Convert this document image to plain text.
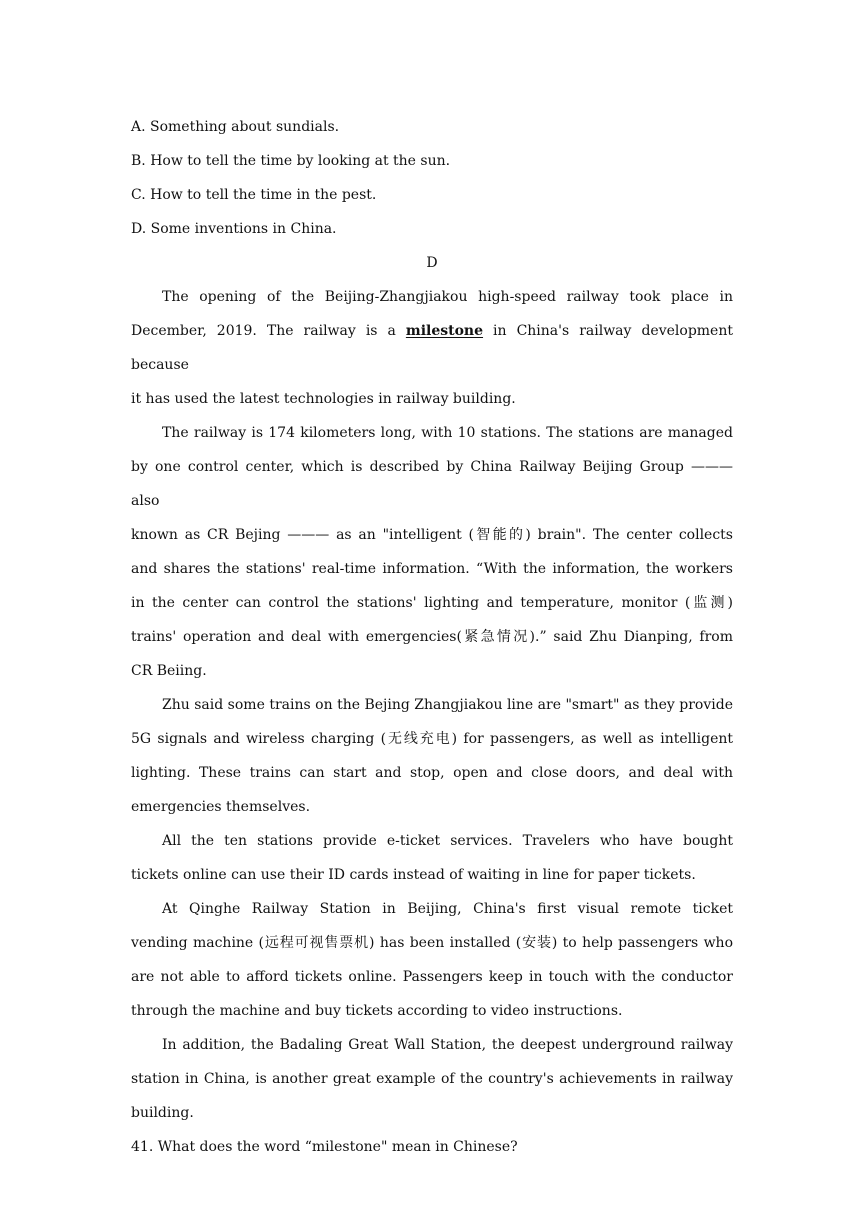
A. Something about sundials.
B. How to tell the time by looking at the sun.
C. How to tell the time in the pest.
D. Some inventions in China.
D
The opening of the Beijing-Zhangjiakou high-speed railway took place in
December, 2019. The railway is a milestone in China's railway development because
it has used the latest technologies in railway building.
The railway is 174 kilometers long, with 10 stations. The stations are managed
by one control center, which is described by China Railway Beijing Group ——— also
known as CR Bejing ——— as an "intelligent (智能的) brain". The center collects
and shares the stations' real-time information. “With the information, the workers
in the center can control the stations' lighting and temperature, monitor (监测)
trains' operation and deal with emergencies(紧急情况).” said Zhu Dianping, from
CR Beiing.
Zhu said some trains on the Bejing Zhangjiakou line are "smart" as they provide
5G signals and wireless charging (无线充电) for passengers, as well as intelligent
lighting. These trains can start and stop, open and close doors, and deal with
emergencies themselves.
All the ten stations provide e-ticket services. Travelers who have bought
tickets online can use their ID cards instead of waiting in line for paper tickets.
At Qinghe Railway Station in Beijing, China's first visual remote ticket
vending machine (远程可视售票机) has been installed (安装) to help passengers who
are not able to afford tickets online. Passengers keep in touch with the conductor
through the machine and buy tickets according to video instructions.
In addition, the Badaling Great Wall Station, the deepest underground railway
station in China, is another great example of the country's achievements in railway
building.
41. What does the word “milestone" mean in Chinese?
